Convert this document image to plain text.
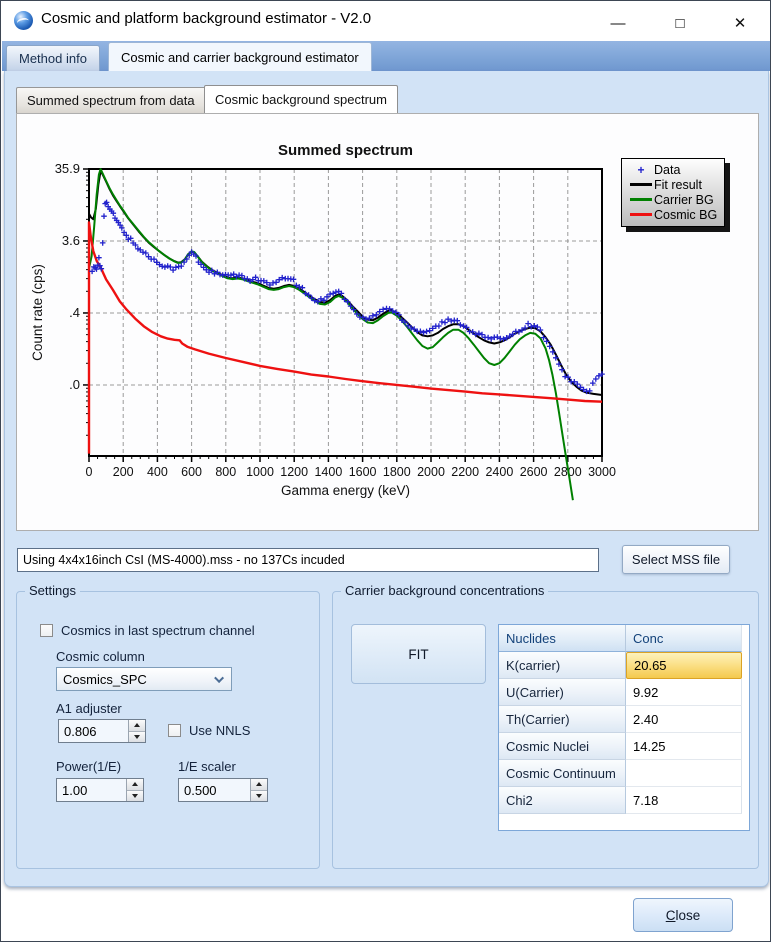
Cosmic and platform background estimator - V2.0	—	□	✕
Method info	Cosmic and carrier background estimator
Summed spectrum from data	Cosmic background spectrum
35.9
3.6
.4
.0
0 200 400 600 800 1000 1200 1400 1600 1800 2000 2200 2400 2600 2800 3000
Summed spectrum
Gamma energy (keV)
Count rate (cps)
+ Data
Fit result
Carrier BG
Cosmic BG
Using 4x4x16inch CsI (MS-4000).mss - no 137Cs incuded
Select MSS file
Settings
Cosmics in last spectrum channel
Cosmic column
Cosmics_SPC
A1 adjuster
0.806	Use NNLS
Power(1/E)
1.00
1/E scaler
0.500
Carrier background concentrations
FIT
Nuclides	Conc
K(carrier)	20.65
U(Carrier)	9.92
Th(Carrier)	2.40
Cosmic Nuclei	14.25
Cosmic Continuum
Chi2	7.18
Close
